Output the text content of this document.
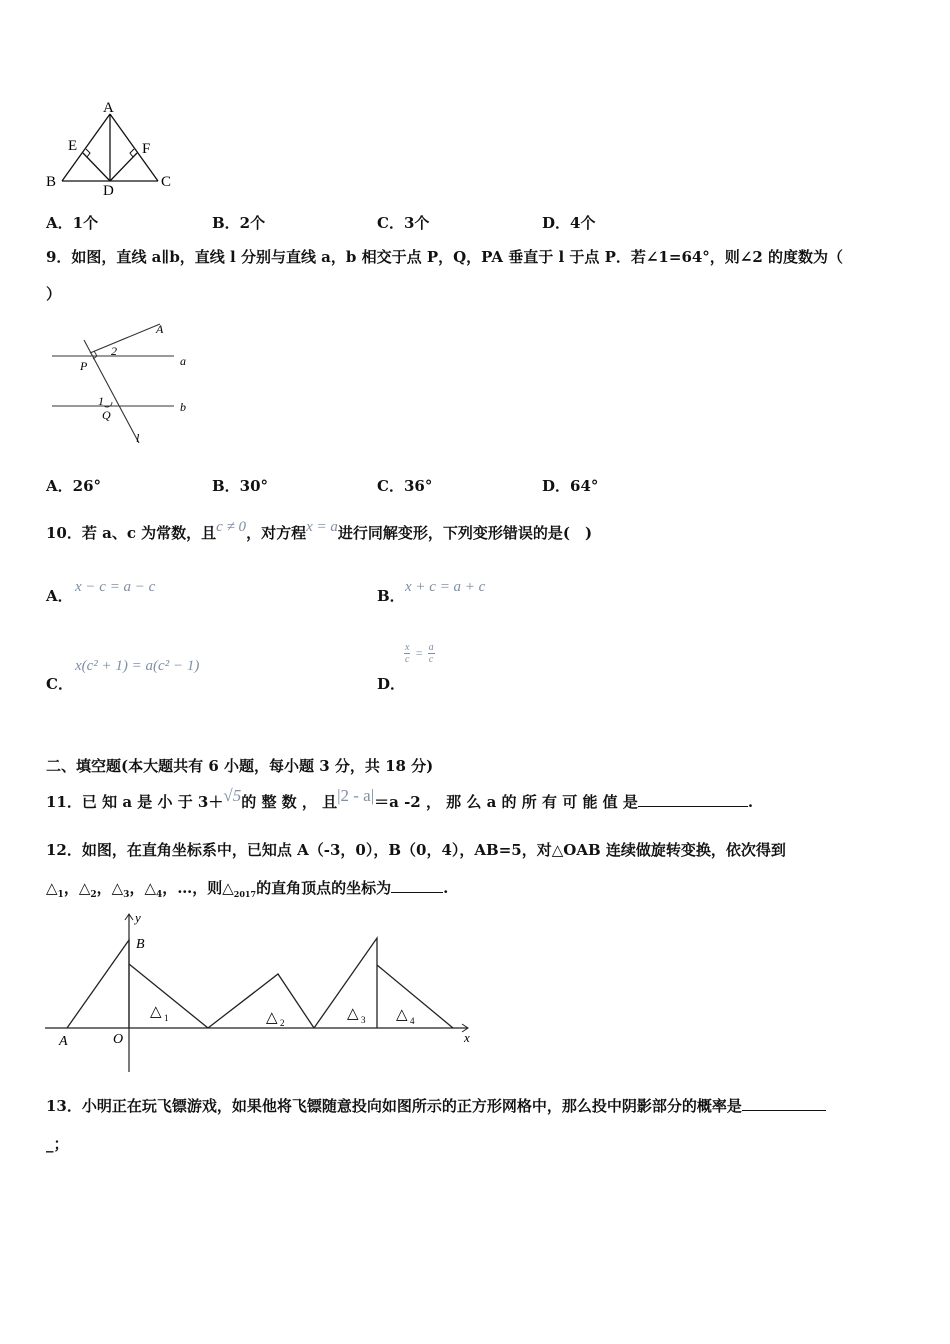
A
E	F
B
D
C
A．1个	B．2个	C．3个	D．4个
9．如图，直线 a∥b，直线 l 分别与直线 a，b 相交于点 P，Q，PA 垂直于 l 于点 P．若∠1=64°，则∠2 的度数为（
）
A
2
a
P
1	b
Q
l
A．26°	B．30°	C．36°	D．64°
10．若 a、c 为常数，且c ≠ 0，对方程x = a进行同解变形，下列变形错误的是(　)
A． x − c = a − c	B． x + c = a + c
C．
x(c² + 1) = a(c² − 1)
D．
$\frac{x}{c} = \frac{a}{c}$
二、填空题(本大题共有 6 小题，每小题 3 分，共 18 分)
11．已 知 a 是 小 于 3＋√5的 整 数 ， 且|2 - a|＝a -2 ， 那 么 a 的 所 有 可 能 值 是	.
12．如图，在直角坐标系中，已知点 A（-3，0），B（0，4），AB=5，对△OAB 连续做旋转变换，依次得到
$\triangle_1$，$\triangle_2$，$\triangle_3$，$\triangle_4$，…，则$\triangle_{2017}$的直角顶点的坐标为	.
y
B
A	O	x
△ 1	△ 2
△ 3 △ 4
13．小明正在玩飞镖游戏，如果他将飞镖随意投向如图所示的正方形网格中，那么投中阴影部分的概率是
_；
